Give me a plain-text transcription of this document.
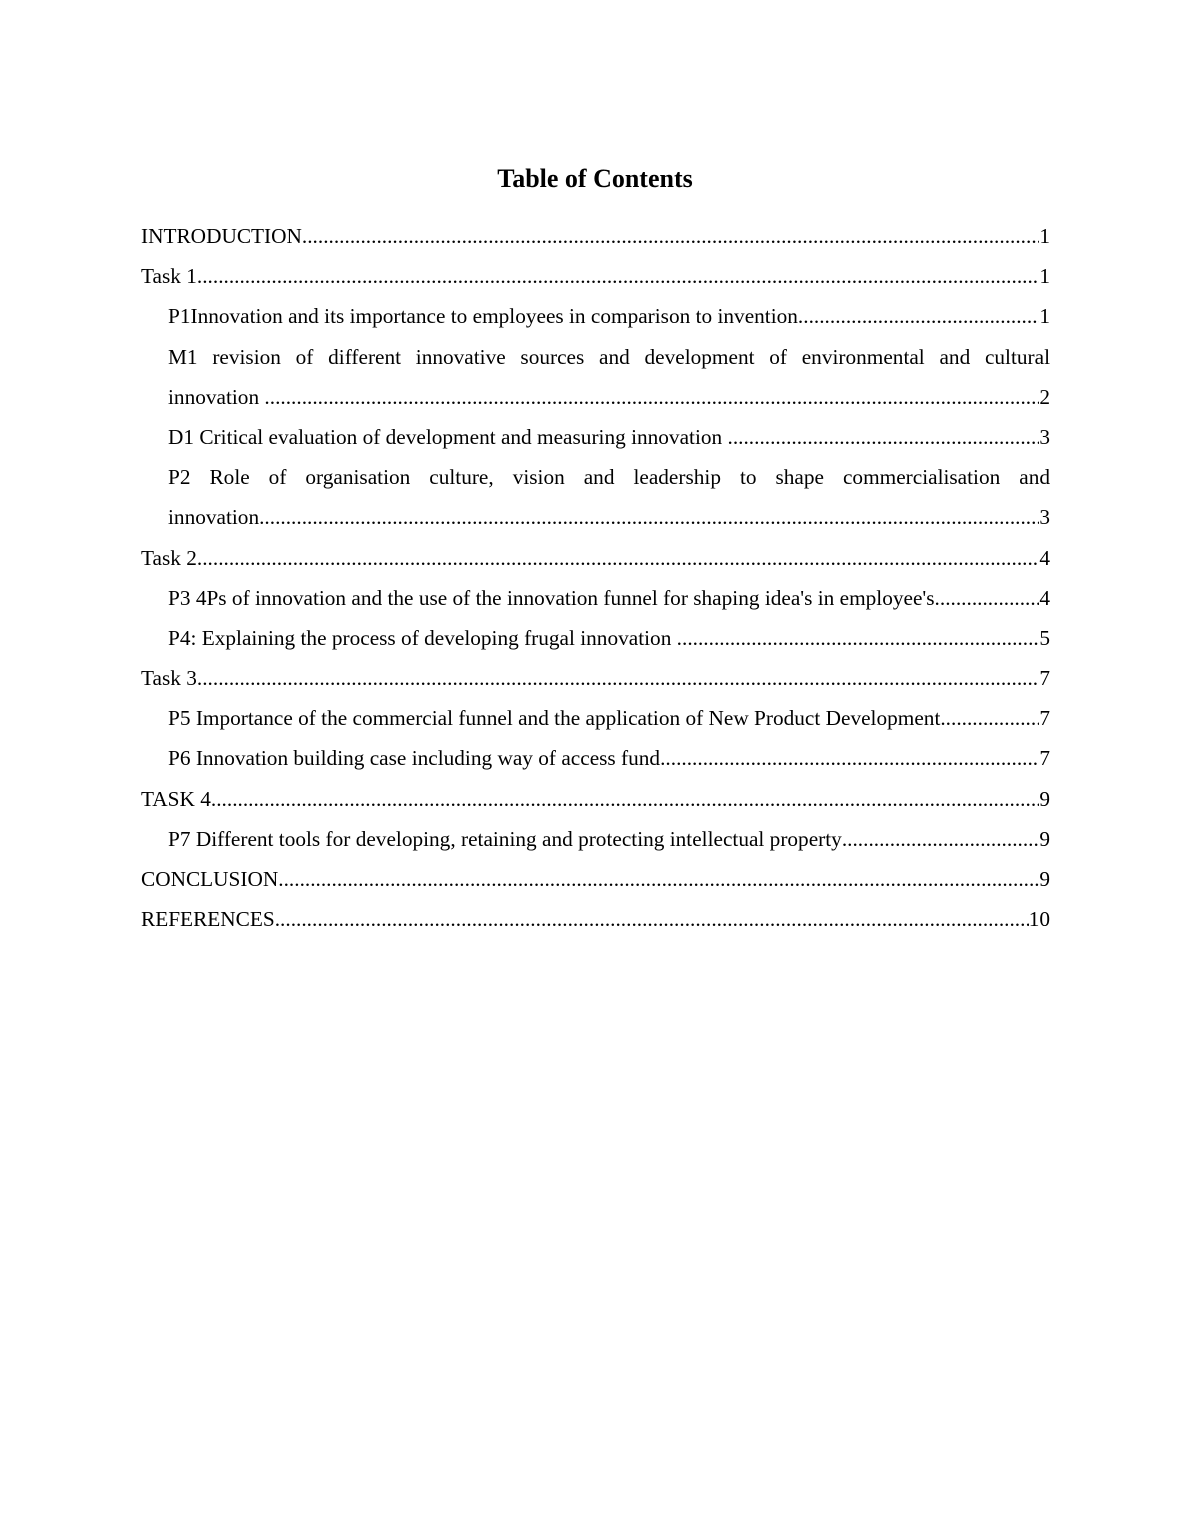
Table of Contents
INTRODUCTION .....	1
Task 1 .....	1
P1Innovation and its importance to employees in comparison to invention. .....	1
M1 revision of different innovative sources and development of environmental and cultural
innovation .....	2
D1 Critical evaluation of development and measuring innovation .....	3
P2 Role of organisation culture, vision and leadership to shape commercialisation and
innovation. .....	3
Task 2 .....	4
P3 4Ps of innovation and the use of the innovation funnel for shaping idea's in employee's .....	4
P4: Explaining the process of developing frugal innovation .....	5
Task 3 .....	7
P5 Importance of the commercial funnel and the application of New Product Development .....	7
P6 Innovation building case including way of access fund .....	7
TASK 4 .....	9
P7 Different tools for developing, retaining and protecting intellectual property .....	9
CONCLUSION .....	9
REFERENCES .....	10
